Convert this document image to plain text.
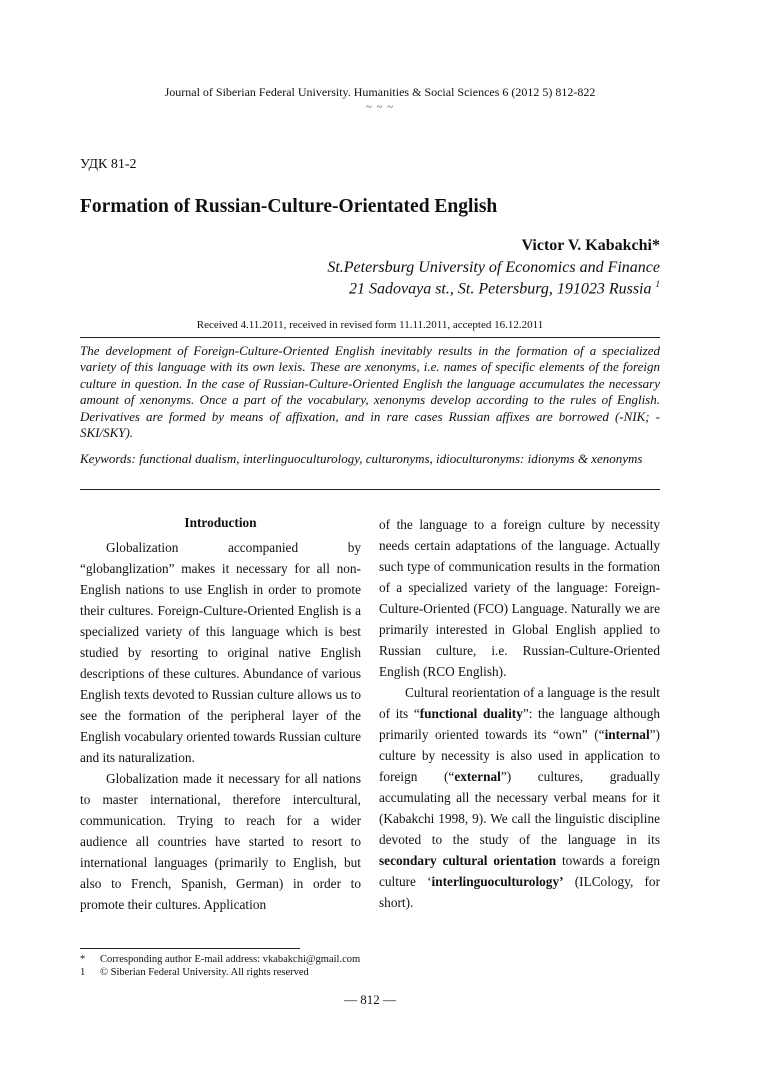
Journal of Siberian Federal University. Humanities & Social Sciences 6 (2012 5) 812-822
~ ~ ~
УДК 81-2
Formation of Russian-Culture-Orientated English
Victor V. Kabakchi*
St.Petersburg University of Economics and Finance
21 Sadovaya st., St. Petersburg, 191023 Russia $^1$
Received 4.11.2011, received in revised form 11.11.2011, accepted 16.12.2011

The development of Foreign-Culture-Oriented English inevitably results in the formation of a specialized variety of this language with its own lexis. These are xenonyms, i.e. names of specific elements of the foreign culture in question. In the case of Russian-Culture-Oriented English the language accumulates the necessary amount of xenonyms. Once a part of the vocabulary, xenonyms develop according to the rules of English. Derivatives are formed by means of affixation, and in rare cases Russian affixes are borrowed (-NIK; -SKI/SKY).

Keywords: functional dualism, interlinguoculturology, culturonyms, idioculturonyms: idionyms & xenonyms

Introduction

Globalization accompanied by “globanglization” makes it necessary for all non-English nations to use English in order to promote their cultures. Foreign-Culture-Oriented English is a specialized variety of this language which is best studied by resorting to original native English descriptions of these cultures. Abundance of various English texts devoted to Russian culture allows us to see the formation of the peripheral layer of the English vocabulary oriented towards Russian culture and its naturalization.

Globalization made it necessary for all nations to master international, therefore intercultural, communication. Trying to reach for a wider audience all countries have started to resort to international languages (primarily to English, but also to French, Spanish, German) in order to promote their cultures. Application

of the language to a foreign culture by necessity needs certain adaptations of the language. Actually such type of communication results in the formation of a specialized variety of the language: Foreign-Culture-Oriented (FCO) Language. Naturally we are primarily interested in Global English applied to Russian culture, i.e. Russian-Culture-Oriented English (RCO English).

Cultural reorientation of a language is the result of its “functional duality”: the language although primarily oriented towards its “own” (“internal”) culture by necessity is also used in application to foreign (“external”) cultures, gradually accumulating all the necessary verbal means for it (Kabakchi 1998, 9). We call the linguistic discipline devoted to the study of the language in its secondary cultural orientation towards a foreign culture ‘interlinguoculturology’ (ILCology, for short).

* Corresponding author E-mail address: vkabakchi@gmail.com
1 © Siberian Federal University. All rights reserved
— 812 —
